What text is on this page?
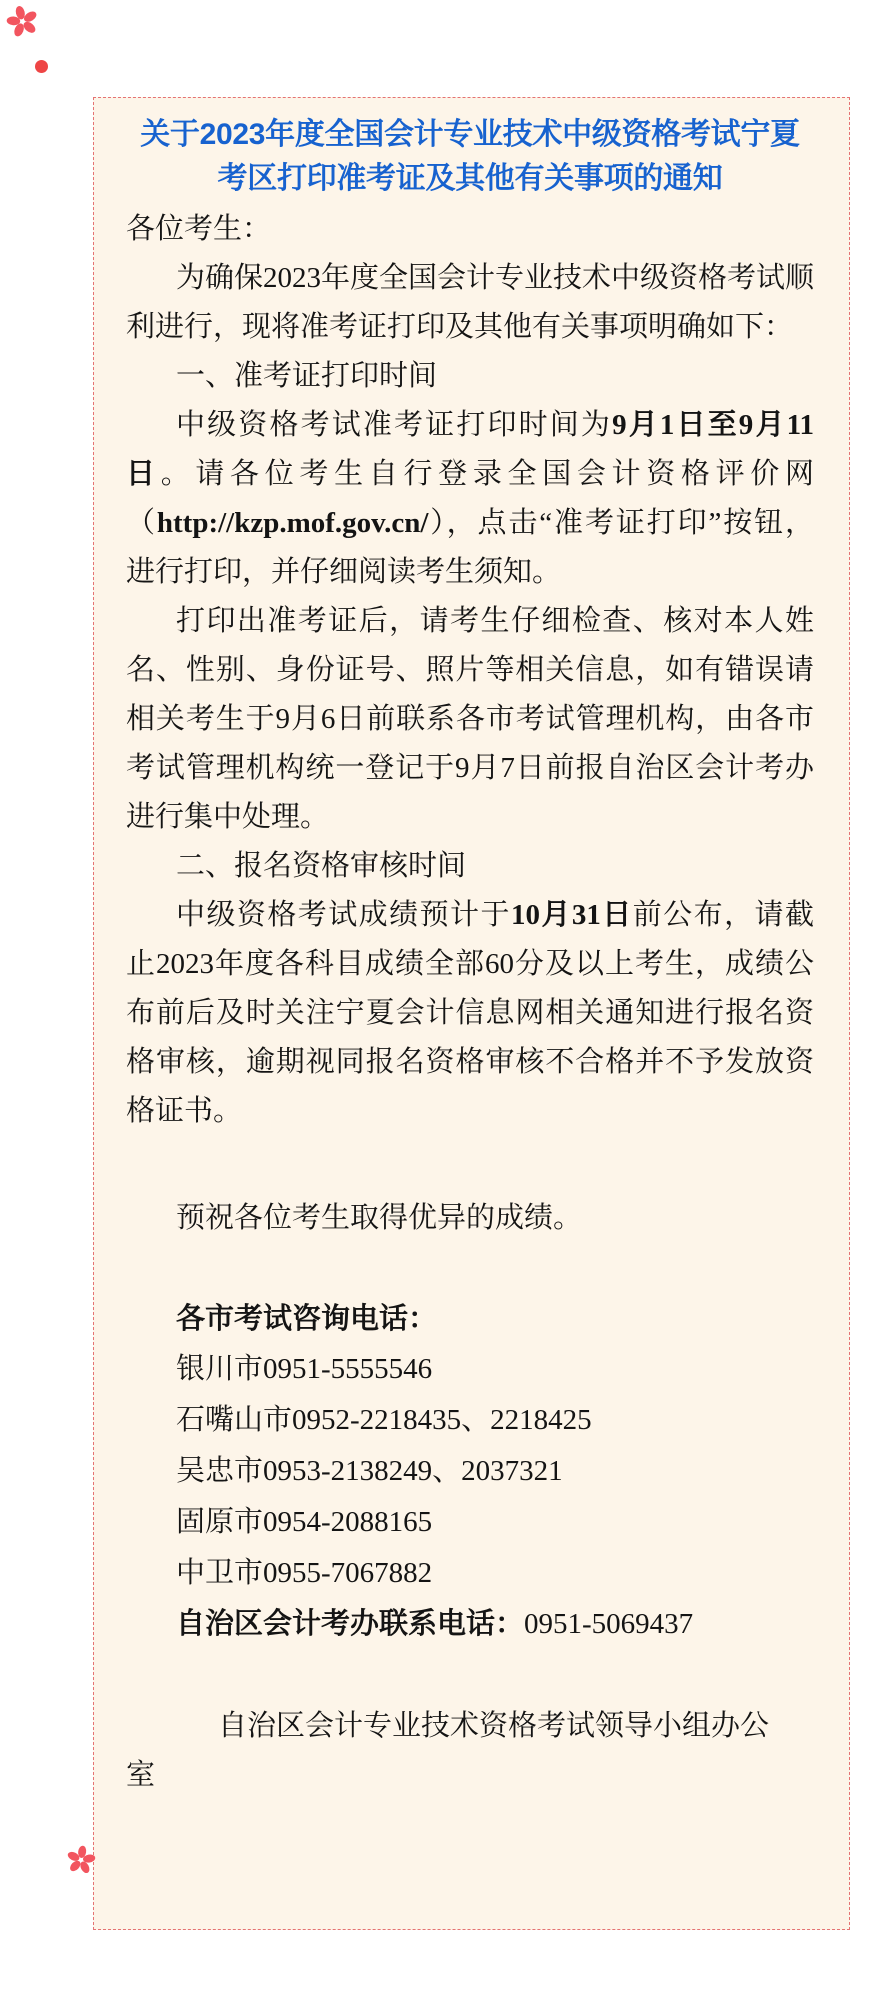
关于2023年度全国会计专业技术中级资格考试宁夏考区打印准考证及其他有关事项的通知

各位考生：

为确保2023年度全国会计专业技术中级资格考试顺利进行，现将准考证打印及其他有关事项明确如下：

一、准考证打印时间

中级资格考试准考证打印时间为9月1日至9月11日。请各位考生自行登录全国会计资格评价网（http://kzp.mof.gov.cn/），点击“准考证打印”按钮，进行打印，并仔细阅读考生须知。

打印出准考证后，请考生仔细检查、核对本人姓名、性别、身份证号、照片等相关信息，如有错误请相关考生于9月6日前联系各市考试管理机构，由各市考试管理机构统一登记于9月7日前报自治区会计考办进行集中处理。

二、报名资格审核时间

中级资格考试成绩预计于10月31日前公布，请截止2023年度各科目成绩全部60分及以上考生，成绩公布前后及时关注宁夏会计信息网相关通知进行报名资格审核，逾期视同报名资格审核不合格并不予发放资格证书。

预祝各位考生取得优异的成绩。

各市考试咨询电话：

银川市0951-5555546

石嘴山市0952-2218435、2218425

吴忠市0953-2138249、2037321

固原市0954-2088165

中卫市0955-7067882

自治区会计考办联系电话：0951-5069437

自治区会计专业技术资格考试领导小组办公
室
